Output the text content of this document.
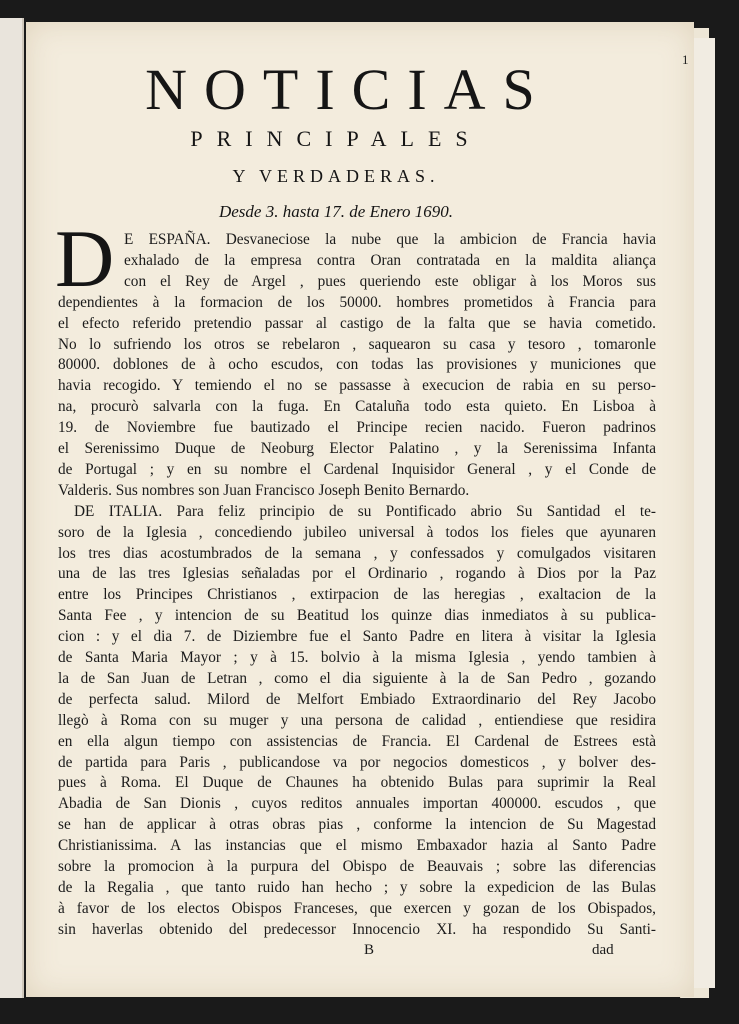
1
NOTICIAS
PRINCIPALES
Y VERDADERAS.
Desde 3. hasta 17. de Enero 1690.
D E ESPAÑA. Desvaneciose la nube que la ambicion de Francia havia
exhalado de la empresa contra Oran contratada en la maldita aliança
con el Rey de Argel , pues queriendo este obligar à los Moros sus
dependientes à la formacion de los 50000. hombres prometidos à Francia para
el efecto referido pretendio passar al castigo de la falta que se havia cometido.
No lo sufriendo los otros se rebelaron , saquearon su casa y tesoro , tomaronle
80000. doblones de à ocho escudos, con todas las provisiones y municiones que
havia recogido. Y temiendo el no se passasse à execucion de rabia en su perso-
na, procurò salvarla con la fuga. En Cataluña todo esta quieto. En Lisboa à
19. de Noviembre fue bautizado el Principe recien nacido. Fueron padrinos
el Serenissimo Duque de Neoburg Elector Palatino , y la Serenissima Infanta
de Portugal ; y en su nombre el Cardenal Inquisidor General , y el Conde de
Valderis. Sus nombres son Juan Francisco Joseph Benito Bernardo.
DE ITALIA. Para feliz principio de su Pontificado abrio Su Santidad el te-
soro de la Iglesia , concediendo jubileo universal à todos los fieles que ayunaren
los tres dias acostumbrados de la semana , y confessados y comulgados visitaren
una de las tres Iglesias señaladas por el Ordinario , rogando à Dios por la Paz
entre los Principes Christianos , extirpacion de las heregias , exaltacion de la
Santa Fee , y intencion de su Beatitud los quinze dias inmediatos à su publica-
cion : y el dia 7. de Diziembre fue el Santo Padre en litera à visitar la Iglesia
de Santa Maria Mayor ; y à 15. bolvio à la misma Iglesia , yendo tambien à
la de San Juan de Letran , como el dia siguiente à la de San Pedro , gozando
de perfecta salud. Milord de Melfort Embiado Extraordinario del Rey Jacobo
llegò à Roma con su muger y una persona de calidad , entiendiese que residira
en ella algun tiempo con assistencias de Francia. El Cardenal de Estrees està
de partida para Paris , publicandose va por negocios domesticos , y bolver des-
pues à Roma. El Duque de Chaunes ha obtenido Bulas para suprimir la Real
Abadia de San Dionis , cuyos reditos annuales importan 400000. escudos , que
se han de applicar à otras obras pias , conforme la intencion de Su Magestad
Christianissima. A las instancias que el mismo Embaxador hazia al Santo Padre
sobre la promocion à la purpura del Obispo de Beauvais ; sobre las diferencias
de la Regalia , que tanto ruido han hecho ; y sobre la expedicion de las Bulas
à favor de los electos Obispos Franceses, que exercen y gozan de los Obispados,
sin haverlas obtenido del predecessor Innocencio XI. ha respondido Su Santi-
B	dad
